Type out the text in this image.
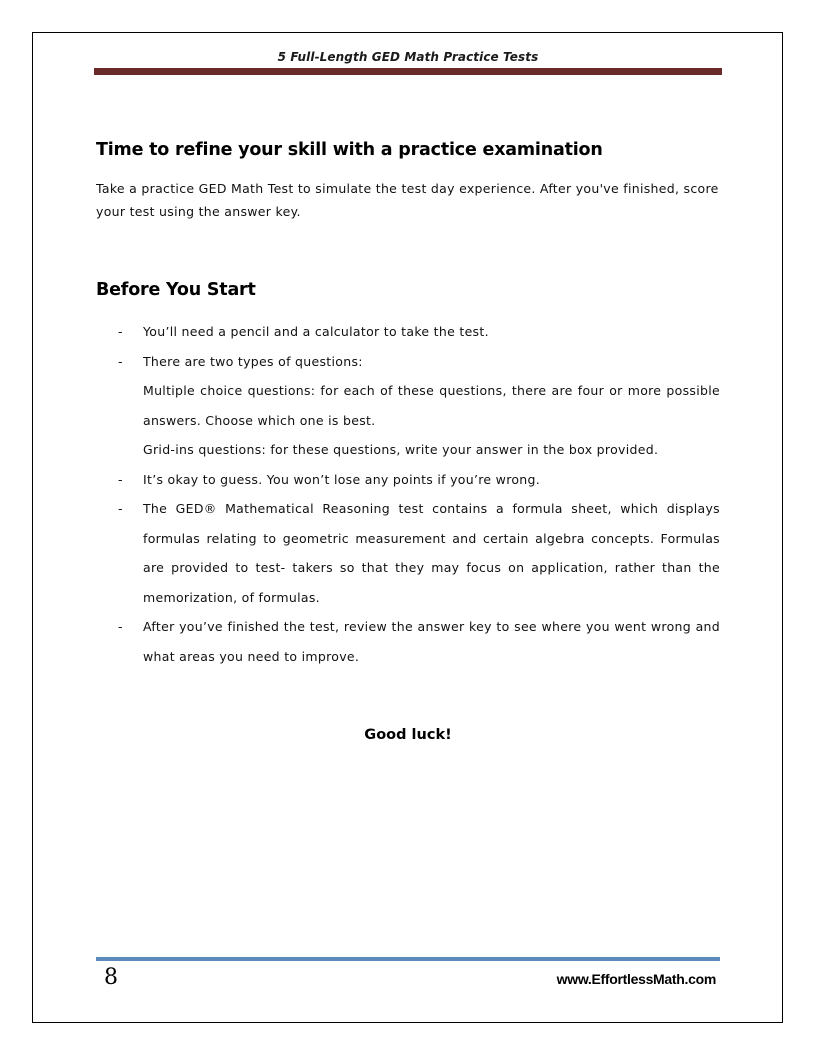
5 Full-Length GED Math Practice Tests
Time to refine your skill with a practice examination

Take a practice GED Math Test to simulate the test day experience. After you've finished, score your test using the answer key.

Before You Start
- You’ll need a pencil and a calculator to take the test.
- There are two types of questions:
Multiple choice questions: for each of these questions, there are four or more possible answers. Choose which one is best.
Grid-ins questions: for these questions, write your answer in the box provided.
- It’s okay to guess. You won’t lose any points if you’re wrong.
- The GED® Mathematical Reasoning test contains a formula sheet, which displays formulas relating to geometric measurement and certain algebra concepts. Formulas are provided to test- takers so that they may focus on application, rather than the memorization, of formulas.
- After you’ve finished the test, review the answer key to see where you went wrong and what areas you need to improve.
Good luck!
8	www.EffortlessMath.com
